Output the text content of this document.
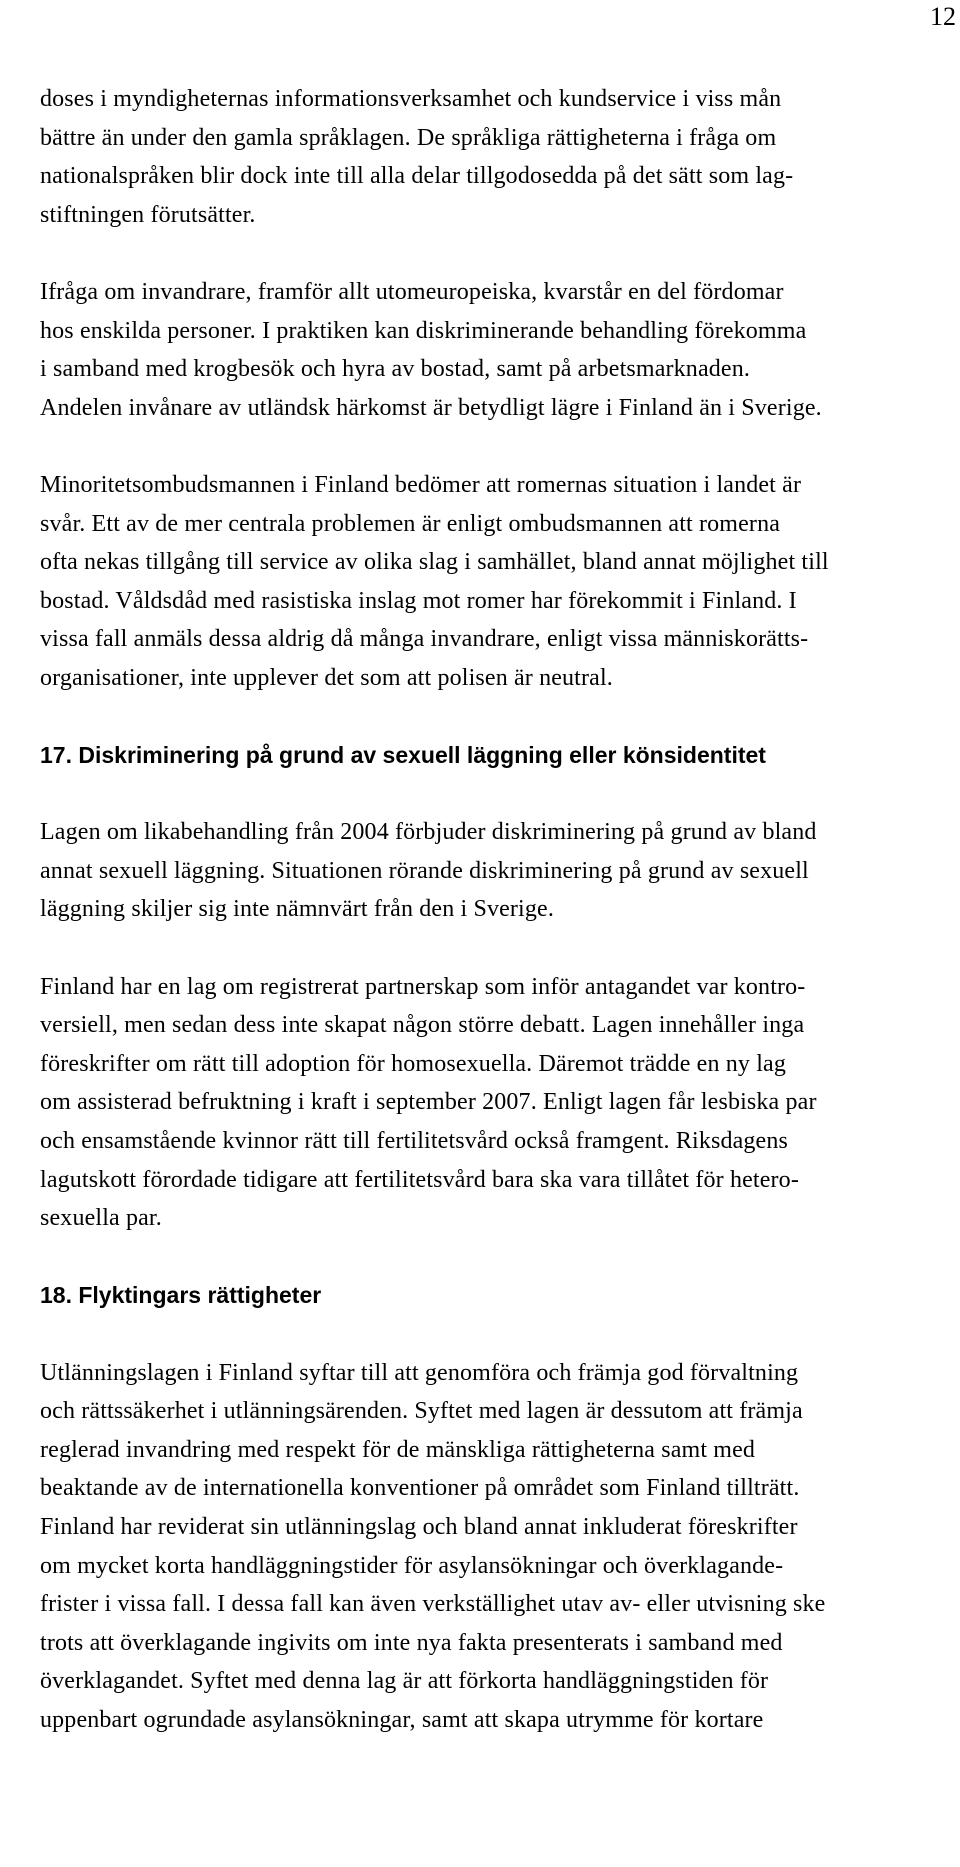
12

doses i myndigheternas informationsverksamhet och kundservice i viss mån
bättre än under den gamla språklagen. De språkliga rättigheterna i fråga om
nationalspråken blir dock inte till alla delar tillgodosedda på det sätt som lag-
stiftningen förutsätter.

Ifråga om invandrare, framför allt utomeuropeiska, kvarstår en del fördomar
hos enskilda personer. I praktiken kan diskriminerande behandling förekomma
i samband med krogbesök och hyra av bostad, samt på arbetsmarknaden.
Andelen invånare av utländsk härkomst är betydligt lägre i Finland än i Sverige.

Minoritetsombudsmannen i Finland bedömer att romernas situation i landet är
svår. Ett av de mer centrala problemen är enligt ombudsmannen att romerna
ofta nekas tillgång till service av olika slag i samhället, bland annat möjlighet till
bostad. Våldsdåd med rasistiska inslag mot romer har förekommit i Finland. I
vissa fall anmäls dessa aldrig då många invandrare, enligt vissa människorätts-
organisationer, inte upplever det som att polisen är neutral.

17. Diskriminering på grund av sexuell läggning eller könsidentitet

Lagen om likabehandling från 2004 förbjuder diskriminering på grund av bland
annat sexuell läggning. Situationen rörande diskriminering på grund av sexuell
läggning skiljer sig inte nämnvärt från den i Sverige.

Finland har en lag om registrerat partnerskap som inför antagandet var kontro-
versiell, men sedan dess inte skapat någon större debatt. Lagen innehåller inga
föreskrifter om rätt till adoption för homosexuella. Däremot trädde en ny lag
om assisterad befruktning i kraft i september 2007. Enligt lagen får lesbiska par
och ensamstående kvinnor rätt till fertilitetsvård också framgent. Riksdagens
lagutskott förordade tidigare att fertilitetsvård bara ska vara tillåtet för hetero-
sexuella par.

18. Flyktingars rättigheter

Utlänningslagen i Finland syftar till att genomföra och främja god förvaltning
och rättssäkerhet i utlänningsärenden. Syftet med lagen är dessutom att främja
reglerad invandring med respekt för de mänskliga rättigheterna samt med
beaktande av de internationella konventioner på området som Finland tillträtt.
Finland har reviderat sin utlänningslag och bland annat inkluderat föreskrifter
om mycket korta handläggningstider för asylansökningar och överklagande-
frister i vissa fall. I dessa fall kan även verkställighet utav av- eller utvisning ske
trots att överklagande ingivits om inte nya fakta presenterats i samband med
överklagandet. Syftet med denna lag är att förkorta handläggningstiden för
uppenbart ogrundade asylansökningar, samt att skapa utrymme för kortare
